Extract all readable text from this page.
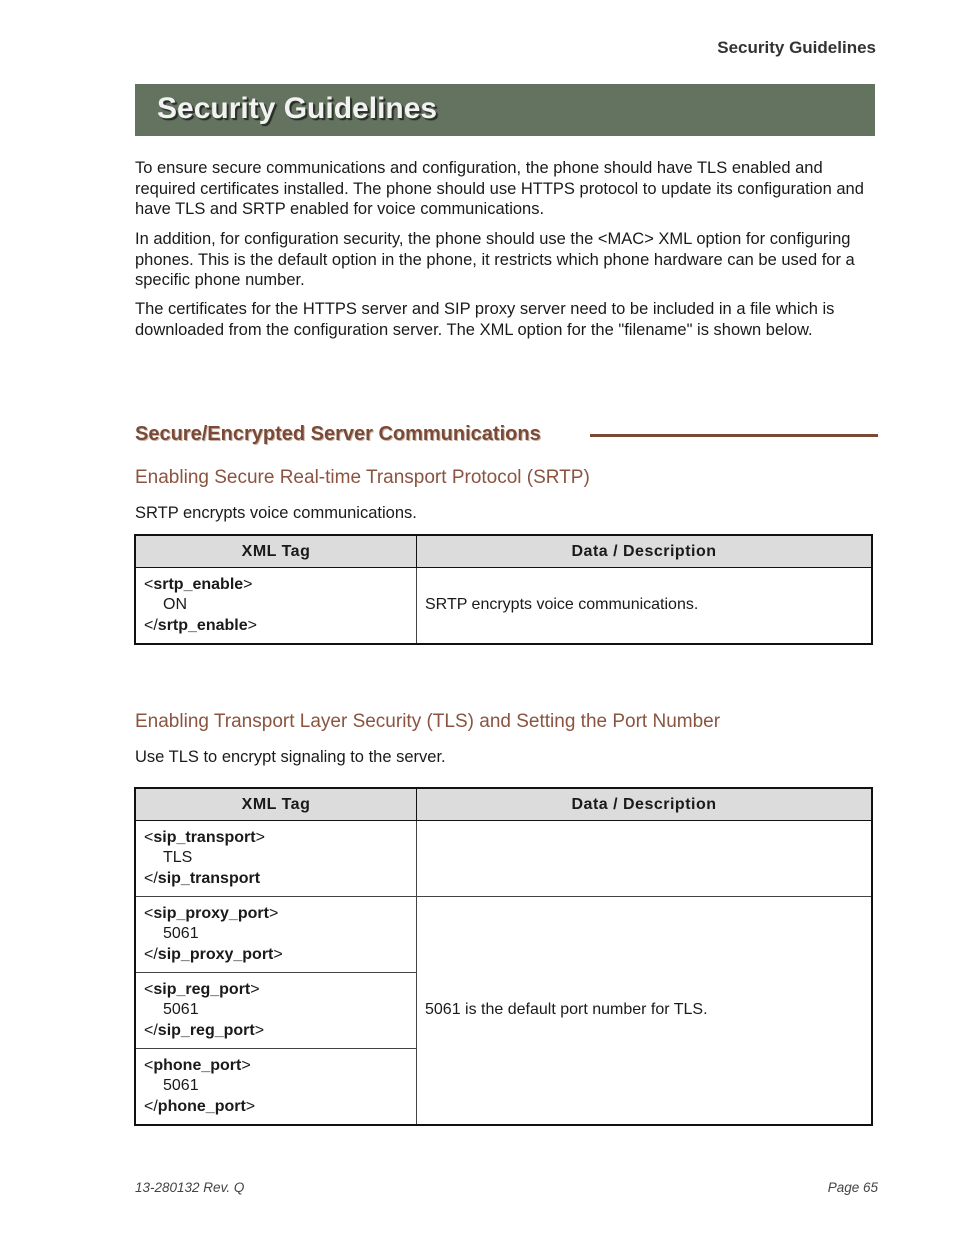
Security Guidelines
Security Guidelines

To ensure secure communications and configuration, the phone should have TLS enabled and required certificates installed. The phone should use HTTPS protocol to update its configuration and have TLS and SRTP enabled for voice communications.

In addition, for configuration security, the phone should use the <MAC> XML option for configuring phones. This is the default option in the phone, it restricts which phone hardware can be used for a specific phone number.

The certificates for the HTTPS server and SIP proxy server need to be included in a file which is downloaded from the configuration server. The XML option for the "filename" is shown below.

Secure/Encrypted Server Communications
Enabling Secure Real-time Transport Protocol (SRTP)

SRTP encrypts voice communications.

XML Tag	Data / Description

<srtp_enable>
ON
</srtp_enable>	SRTP encrypts voice communications.
Enabling Transport Layer Security (TLS) and Setting the Port Number

Use TLS to encrypt signaling to the server.

XML Tag	Data / Description

<sip_transport>
TLS
</sip_transport	

<sip_proxy_port>
5061
</sip_proxy_port>	5061 is the default port number for TLS.

<sip_reg_port>
5061
</sip_reg_port>	

<phone_port>
5061
</phone_port>	
13-280132 Rev. Q	Page 65
